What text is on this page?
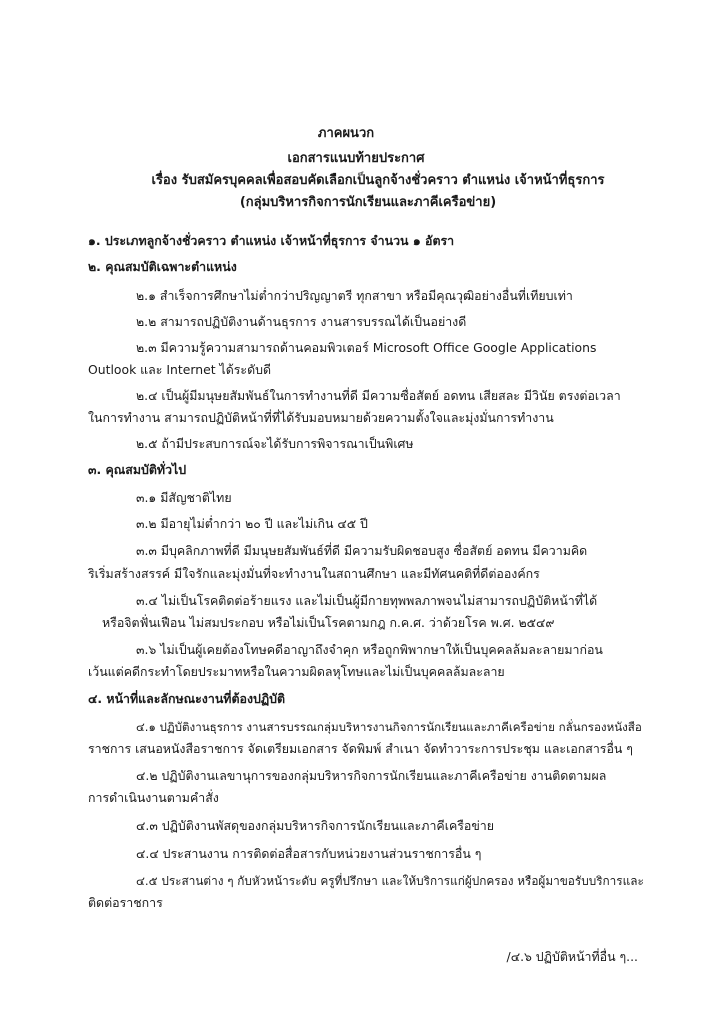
ภาคผนวก
เอกสารแนบท้ายประกาศ
เรื่อง รับสมัครบุคคลเพื่อสอบคัดเลือกเป็นลูกจ้างชั่วคราว ตำแหน่ง เจ้าหน้าที่ธุรการ
(กลุ่มบริหารกิจการนักเรียนและภาคีเครือข่าย)
๑. ประเภทลูกจ้างชั่วคราว ตำแหน่ง เจ้าหน้าที่ธุรการ จำนวน ๑ อัตรา
๒. คุณสมบัติเฉพาะตำแหน่ง
๒.๑ สำเร็จการศึกษาไม่ต่ำกว่าปริญญาตรี ทุกสาขา หรือมีคุณวุฒิอย่างอื่นที่เทียบเท่า
๒.๒ สามารถปฏิบัติงานด้านธุรการ งานสารบรรณได้เป็นอย่างดี
๒.๓ มีความรู้ความสามารถด้านคอมพิวเตอร์ Microsoft Office Google Applications
Outlook และ Internet ได้ระดับดี
๒.๔ เป็นผู้มีมนุษยสัมพันธ์ในการทำงานที่ดี มีความซื่อสัตย์ อดทน เสียสละ มีวินัย ตรงต่อเวลา
ในการทำงาน สามารถปฏิบัติหน้าที่ที่ได้รับมอบหมายด้วยความตั้งใจและมุ่งมั่นการทำงาน
๒.๕ ถ้ามีประสบการณ์จะได้รับการพิจารณาเป็นพิเศษ
๓. คุณสมบัติทั่วไป
๓.๑ มีสัญชาติไทย
๓.๒ มีอายุไม่ต่ำกว่า ๒๐ ปี และไม่เกิน ๔๕ ปี
๓.๓ มีบุคลิกภาพที่ดี มีมนุษยสัมพันธ์ที่ดี มีความรับผิดชอบสูง ซื่อสัตย์ อดทน มีความคิด
ริเริ่มสร้างสรรค์ มีใจรักและมุ่งมั่นที่จะทำงานในสถานศึกษา และมีทัศนคติที่ดีต่อองค์กร
๓.๔ ไม่เป็นโรคติดต่อร้ายแรง และไม่เป็นผู้มีกายทุพพลภาพจนไม่สามารถปฏิบัติหน้าที่ได้
หรือจิตฟั่นเฟือน ไม่สมประกอบ หรือไม่เป็นโรคตามกฎ ก.ค.ศ. ว่าด้วยโรค พ.ศ. ๒๕๔๙
๓.๖ ไม่เป็นผู้เคยต้องโทษคดีอาญาถึงจำคุก หรือถูกพิพากษาให้เป็นบุคคลล้มละลายมาก่อน
เว้นแต่คดีกระทำโดยประมาทหรือในความผิดลหุโทษและไม่เป็นบุคคลล้มละลาย
๔. หน้าที่และลักษณะงานที่ต้องปฏิบัติ
๔.๑ ปฏิบัติงานธุรการ งานสารบรรณกลุ่มบริหารงานกิจการนักเรียนและภาคีเครือข่าย กลั่นกรองหนังสือ
ราชการ เสนอหนังสือราชการ จัดเตรียมเอกสาร จัดพิมพ์ สำเนา จัดทำวาระการประชุม และเอกสารอื่น ๆ
๔.๒ ปฏิบัติงานเลขานุการของกลุ่มบริหารกิจการนักเรียนและภาคีเครือข่าย งานติดตามผล
การดำเนินงานตามคำสั่ง
๔.๓ ปฏิบัติงานพัสดุของกลุ่มบริหารกิจการนักเรียนและภาคีเครือข่าย
๔.๔ ประสานงาน การติดต่อสื่อสารกับหน่วยงานส่วนราชการอื่น ๆ
๔.๕ ประสานต่าง ๆ กับหัวหน้าระดับ ครูที่ปรึกษา และให้บริการแก่ผู้ปกครอง หรือผู้มาขอรับบริการและ
ติดต่อราชการ
/๔.๖ ปฏิบัติหน้าที่อื่น ๆ...
